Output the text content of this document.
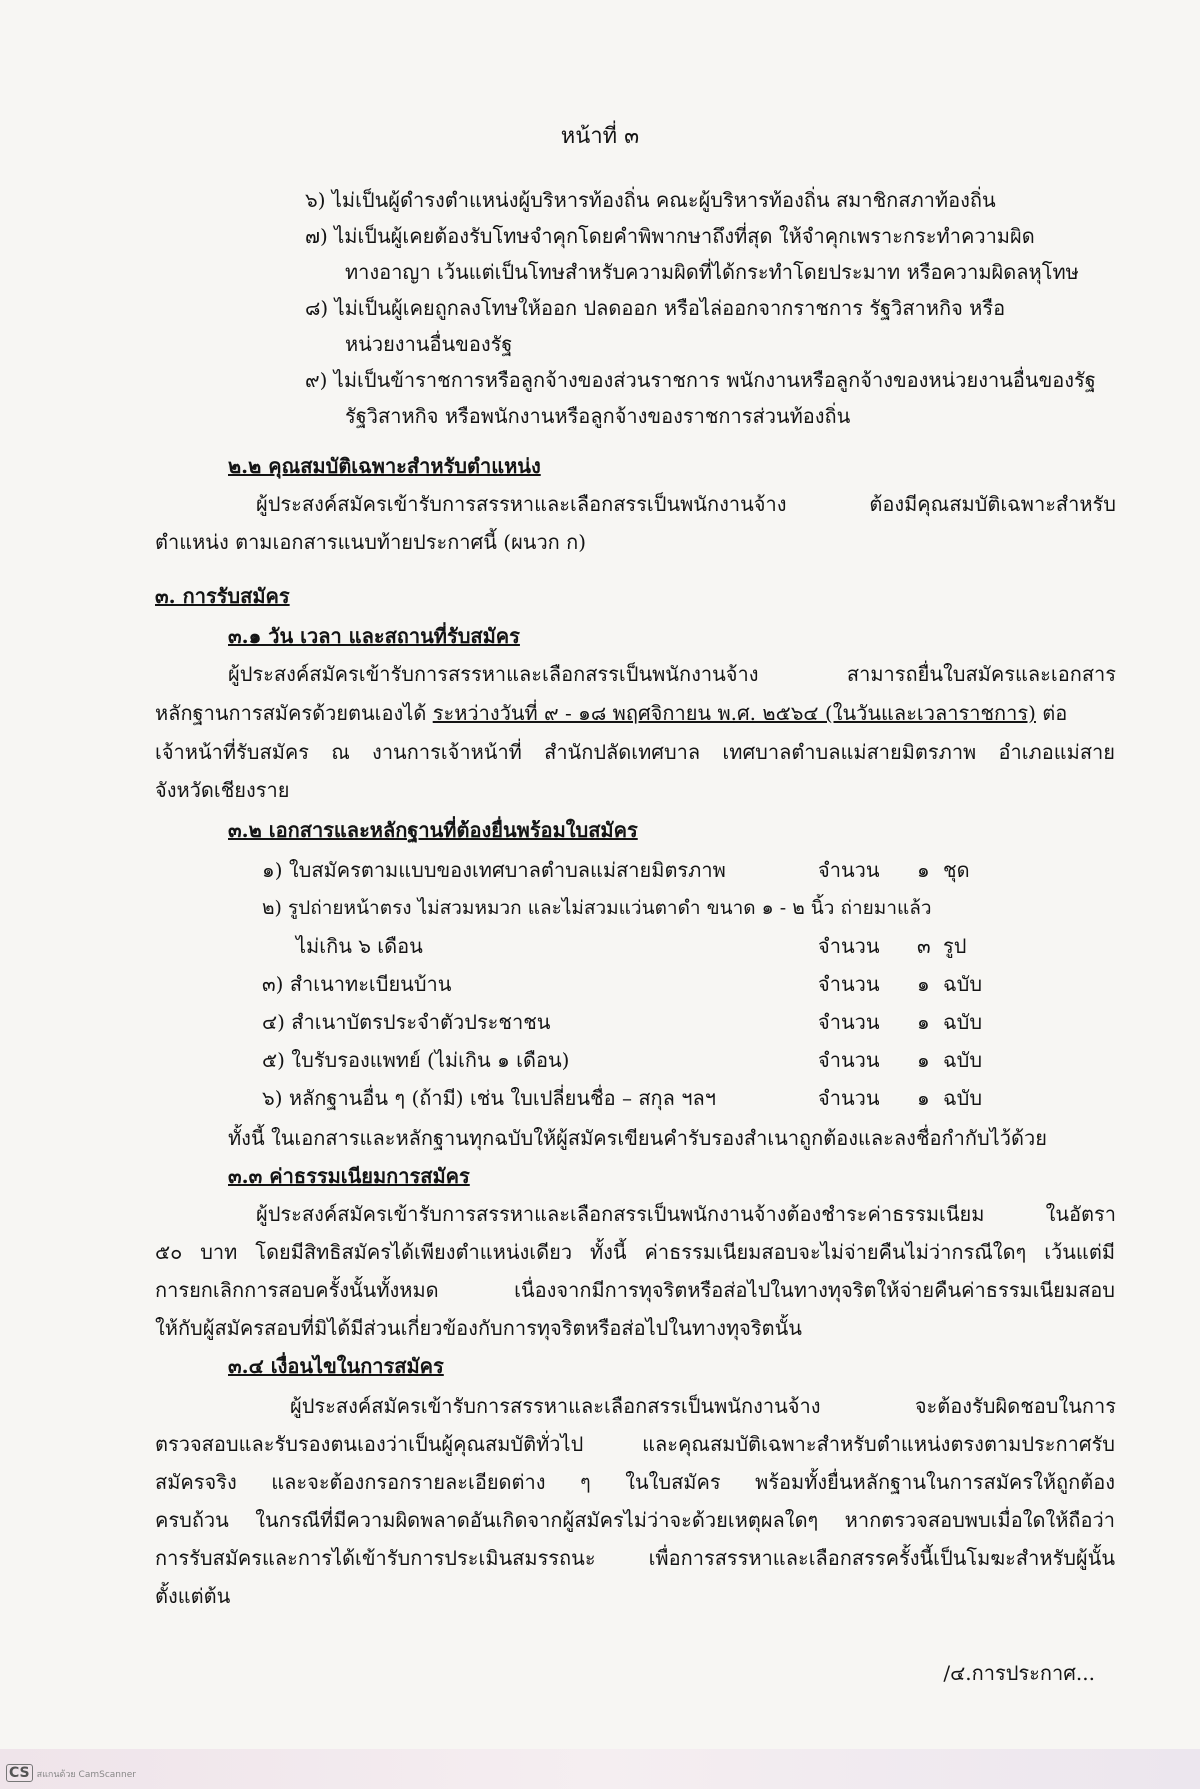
หน้าที่ ๓
๖) ไม่เป็นผู้ดำรงตำแหน่งผู้บริหารท้องถิ่น คณะผู้บริหารท้องถิ่น สมาชิกสภาท้องถิ่น
๗) ไม่เป็นผู้เคยต้องรับโทษจำคุกโดยคำพิพากษาถึงที่สุด ให้จำคุกเพราะกระทำความผิด
ทางอาญา เว้นแต่เป็นโทษสำหรับความผิดที่ได้กระทำโดยประมาท หรือความผิดลหุโทษ
๘) ไม่เป็นผู้เคยถูกลงโทษให้ออก ปลดออก หรือไล่ออกจากราชการ รัฐวิสาหกิจ หรือ
หน่วยงานอื่นของรัฐ
๙) ไม่เป็นข้าราชการหรือลูกจ้างของส่วนราชการ พนักงานหรือลูกจ้างของหน่วยงานอื่นของรัฐ
รัฐวิสาหกิจ หรือพนักงานหรือลูกจ้างของราชการส่วนท้องถิ่น
๒.๒ คุณสมบัติเฉพาะสำหรับตำแหน่ง
ผู้ประสงค์สมัครเข้ารับการสรรหาและเลือกสรรเป็นพนักงานจ้าง ต้องมีคุณสมบัติเฉพาะสำหรับ
ตำแหน่ง ตามเอกสารแนบท้ายประกาศนี้ (ผนวก ก)
๓. การรับสมัคร
๓.๑ วัน เวลา และสถานที่รับสมัคร
ผู้ประสงค์สมัครเข้ารับการสรรหาและเลือกสรรเป็นพนักงานจ้าง สามารถยื่นใบสมัครและเอกสาร
หลักฐานการสมัครด้วยตนเองได้ ระหว่างวันที่ ๙ - ๑๘ พฤศจิกายน พ.ศ. ๒๕๖๔ (ในวันและเวลาราชการ) ต่อ
เจ้าหน้าที่รับสมัคร ณ งานการเจ้าหน้าที่ สำนักปลัดเทศบาล เทศบาลตำบลแม่สายมิตรภาพ อำเภอแม่สาย
จังหวัดเชียงราย
๓.๒ เอกสารและหลักฐานที่ต้องยื่นพร้อมใบสมัคร
๑) ใบสมัครตามแบบของเทศบาลตำบลแม่สายมิตรภาพ	จำนวน ๑ ชุด
๒) รูปถ่ายหน้าตรง ไม่สวมหมวก และไม่สวมแว่นตาดำ ขนาด ๑ - ๒ นิ้ว ถ่ายมาแล้ว
ไม่เกิน ๖ เดือน	จำนวน ๓ รูป
๓) สำเนาทะเบียนบ้าน	จำนวน ๑ ฉบับ
๔) สำเนาบัตรประจำตัวประชาชน	จำนวน ๑ ฉบับ
๕) ใบรับรองแพทย์ (ไม่เกิน ๑ เดือน)	จำนวน ๑ ฉบับ
๖) หลักฐานอื่น ๆ (ถ้ามี) เช่น ใบเปลี่ยนชื่อ – สกุล ฯลฯ	จำนวน ๑ ฉบับ
ทั้งนี้ ในเอกสารและหลักฐานทุกฉบับให้ผู้สมัครเขียนคำรับรองสำเนาถูกต้องและลงชื่อกำกับไว้ด้วย
๓.๓ ค่าธรรมเนียมการสมัคร
ผู้ประสงค์สมัครเข้ารับการสรรหาและเลือกสรรเป็นพนักงานจ้างต้องชำระค่าธรรมเนียม ในอัตรา
๕๐ บาท โดยมีสิทธิสมัครได้เพียงตำแหน่งเดียว ทั้งนี้ ค่าธรรมเนียมสอบจะไม่จ่ายคืนไม่ว่ากรณีใดๆ เว้นแต่มี
การยกเลิกการสอบครั้งนั้นทั้งหมด เนื่องจากมีการทุจริตหรือส่อไปในทางทุจริตให้จ่ายคืนค่าธรรมเนียมสอบ
ให้กับผู้สมัครสอบที่มิได้มีส่วนเกี่ยวข้องกับการทุจริตหรือส่อไปในทางทุจริตนั้น
๓.๔ เงื่อนไขในการสมัคร
ผู้ประสงค์สมัครเข้ารับการสรรหาและเลือกสรรเป็นพนักงานจ้าง จะต้องรับผิดชอบในการ
ตรวจสอบและรับรองตนเองว่าเป็นผู้คุณสมบัติทั่วไป และคุณสมบัติเฉพาะสำหรับตำแหน่งตรงตามประกาศรับ
สมัครจริง และจะต้องกรอกรายละเอียดต่าง ๆ ในใบสมัคร พร้อมทั้งยื่นหลักฐานในการสมัครให้ถูกต้อง
ครบถ้วน ในกรณีที่มีความผิดพลาดอันเกิดจากผู้สมัครไม่ว่าจะด้วยเหตุผลใดๆ หากตรวจสอบพบเมื่อใดให้ถือว่า
การรับสมัครและการได้เข้ารับการประเมินสมรรถนะ เพื่อการสรรหาและเลือกสรรครั้งนี้เป็นโมฆะสำหรับผู้นั้น
ตั้งแต่ต้น
/๔.การประกาศ...
CS สแกนด้วย CamScanner
